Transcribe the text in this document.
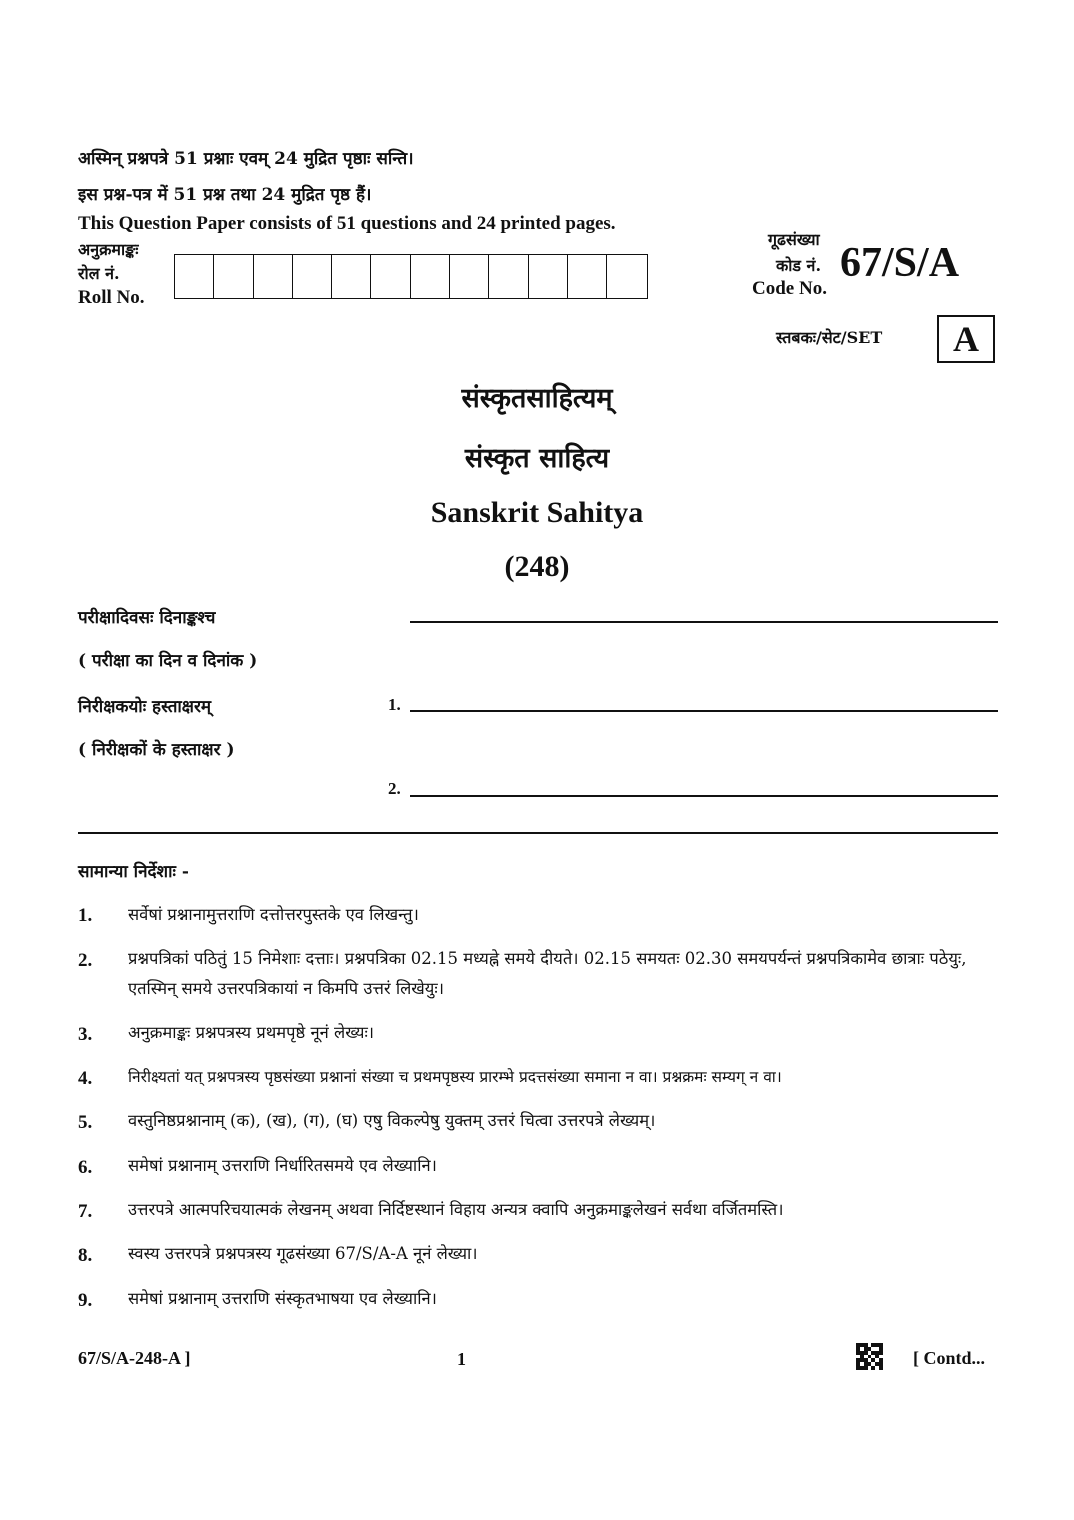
अस्मिन् प्रश्नपत्रे 51 प्रश्नाः एवम् 24 मुद्रित पृष्ठाः सन्ति।
इस प्रश्न-पत्र में 51 प्रश्न तथा 24 मुद्रित पृष्ठ हैं।
This Question Paper consists of 51 questions and 24 printed pages.
अनुक्रमाङ्कः
रोल नं.
Roll No.
गूढसंख्या
कोड नं.
Code No.
67/S/A
स्तबकः/सेट/SET	A
संस्कृतसाहित्यम्
संस्कृत साहित्य
Sanskrit Sahitya
(248)
परीक्षादिवसः दिनाङ्कश्च
( परीक्षा का दिन व दिनांक )
निरीक्षकयोः हस्ताक्षरम्	1.
( निरीक्षकों के हस्ताक्षर )
2.
सामान्या निर्देशाः -
1.	सर्वेषां प्रश्नानामुत्तराणि दत्तोत्तरपुस्तके एव लिखन्तु।
2.	प्रश्नपत्रिकां पठितुं 15 निमेशाः दत्ताः। प्रश्नपत्रिका 02.15 मध्यह्ने समये दीयते। 02.15 समयतः 02.30 समयपर्यन्तं प्रश्नपत्रिकामेव छात्राः पठेयुः, एतस्मिन् समये उत्तरपत्रिकायां न किमपि उत्तरं लिखेयुः।
3.	अनुक्रमाङ्कः प्रश्नपत्रस्य प्रथमपृष्ठे नूनं लेख्यः।
4.	निरीक्ष्यतां यत् प्रश्नपत्रस्य पृष्ठसंख्या प्रश्नानां संख्या च प्रथमपृष्ठस्य प्रारम्भे प्रदत्तसंख्या समाना न वा। प्रश्नक्रमः सम्यग् न वा।
5.	वस्तुनिष्ठप्रश्नानाम् (क), (ख), (ग), (घ) एषु विकल्पेषु युक्तम् उत्तरं चित्वा उत्तरपत्रे लेख्यम्।
6.	समेषां प्रश्नानाम् उत्तराणि निर्धारितसमये एव लेख्यानि।
7.	उत्तरपत्रे आत्मपरिचयात्मकं लेखनम् अथवा निर्दिष्टस्थानं विहाय अन्यत्र क्वापि अनुक्रमाङ्कलेखनं सर्वथा वर्जितमस्ति।
8.	स्वस्य उत्तरपत्रे प्रश्नपत्रस्य गूढसंख्या 67/S/A-A नूनं लेख्या।
9.	समेषां प्रश्नानाम् उत्तराणि संस्कृतभाषया एव लेख्यानि।
67/S/A-248-A ]	1	[ Contd...
